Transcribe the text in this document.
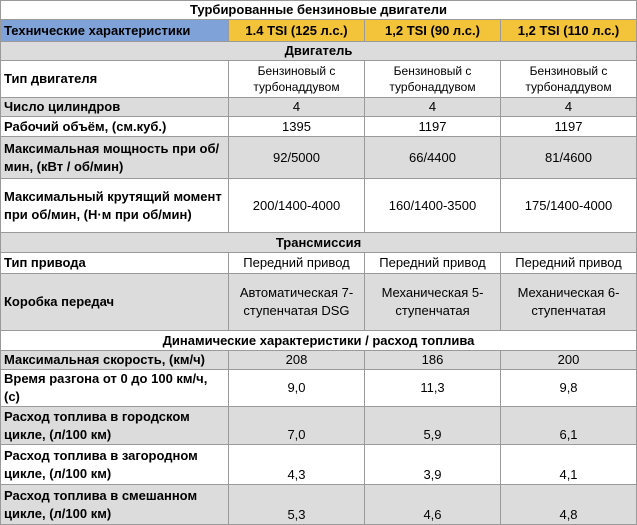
Турбированные бензиновые двигатели			
Технические характеристики	1.4 TSI (125 л.с.)	1,2 TSI (90 л.с.)	1,2 TSI (110 л.с.)
Двигатель			
Тип двигателя	Бензиновый с турбонаддувом	Бензиновый с турбонаддувом	Бензиновый с турбонаддувом
Число цилиндров	4	4	4
Рабочий объём, (см.куб.)	1395	1197	1197
Максимальная мощность при об/мин, (кВт / об/мин)	92/5000	66/4400	81/4600
Максимальный крутящий момент при об/мин, (Н·м при об/мин)	200/1400-4000	160/1400-3500	175/1400-4000
Трансмиссия			
Тип привода	Передний привод	Передний привод	Передний привод
Коробка передач	Автоматическая 7-ступенчатая DSG	Механическая 5-ступенчатая	Механическая 6-ступенчатая
Динамические характеристики / расход топлива			
Максимальная скорость, (км/ч)	208	186	200
Время разгона от 0 до 100 км/ч, (с)	9,0	11,3	9,8
Расход топлива в городском цикле, (л/100 км)	7,0	5,9	6,1
Расход топлива в загородном цикле, (л/100 км)	4,3	3,9	4,1
Расход топлива в смешанном цикле, (л/100 км)	5,3	4,6	4,8
